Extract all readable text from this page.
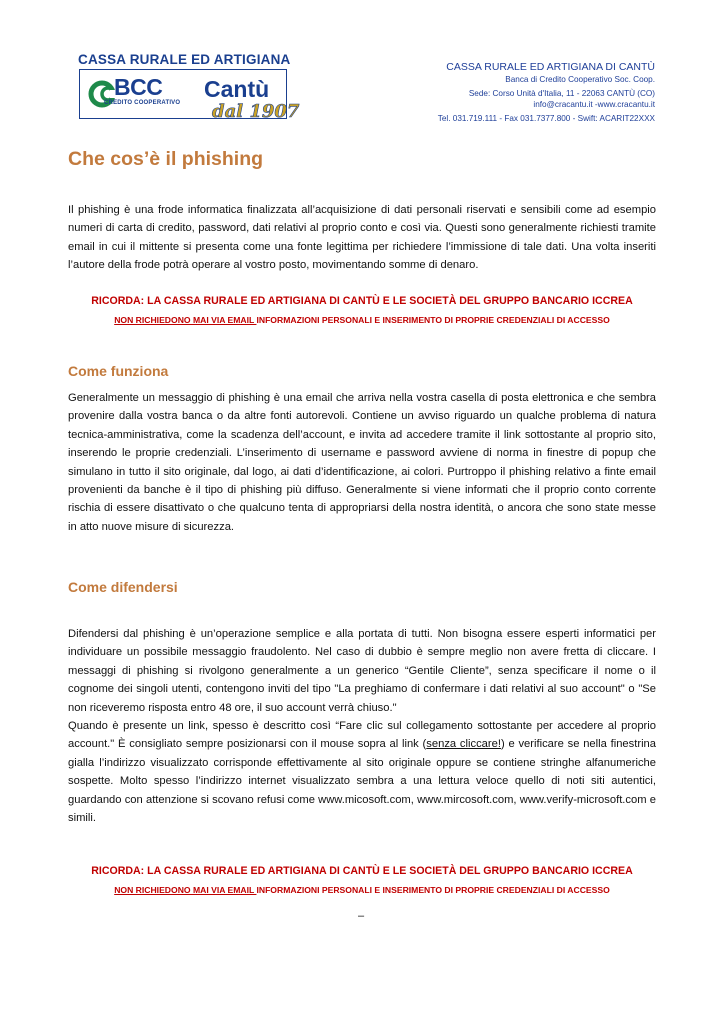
CASSA RURALE ED ARTIGIANA
BCC
CREDITO COOPERATIVO
Cantù
dal 1907
CASSA RURALE ED ARTIGIANA DI CANTÙ
Banca di Credito Cooperativo Soc. Coop.
Sede: Corso Unità d'Italia, 11 - 22063 CANTÙ (CO)
info@cracantu.it -www.cracantu.it
Tel. 031.719.111 - Fax 031.7377.800 - Swift: ACARIT22XXX
Che cos’è il phishing

Il phishing è una frode informatica finalizzata all’acquisizione di dati personali riservati e sensibili come ad esempio numeri di carta di credito, password, dati relativi al proprio conto e così via. Questi sono generalmente richiesti tramite email in cui il mittente si presenta come una fonte legittima per richiedere l’immissione di tale dati. Una volta inseriti l’autore della frode potrà operare al vostro posto, movimentando somme di denaro.

RICORDA: LA CASSA RURALE ED ARTIGIANA DI CANTÙ E LE SOCIETÀ DEL GRUPPO BANCARIO ICCREA
NON RICHIEDONO MAI VIA EMAIL INFORMAZIONI PERSONALI E INSERIMENTO DI PROPRIE CREDENZIALI DI ACCESSO
Come funziona

Generalmente un messaggio di phishing è una email che arriva nella vostra casella di posta elettronica e che sembra provenire dalla vostra banca o da altre fonti autorevoli. Contiene un avviso riguardo un qualche problema di natura tecnica-amministrativa, come la scadenza dell’account, e invita ad accedere tramite il link sottostante al proprio sito, inserendo le proprie credenziali. L’inserimento di username e password avviene di norma in finestre di popup che simulano in tutto il sito originale, dal logo, ai dati d’identificazione, ai colori. Purtroppo il phishing relativo a finte email provenienti da banche è il tipo di phishing più diffuso. Generalmente si viene informati che il proprio conto corrente rischia di essere disattivato o che qualcuno tenta di appropriarsi della nostra identità, o ancora che sono state messe in atto nuove misure di sicurezza.

Come difendersi

Difendersi dal phishing è un’operazione semplice e alla portata di tutti. Non bisogna essere esperti informatici per individuare un possibile messaggio fraudolento. Nel caso di dubbio è sempre meglio non avere fretta di cliccare. I messaggi di phishing si rivolgono generalmente a un generico “Gentile Cliente”, senza specificare il nome o il cognome dei singoli utenti, contengono inviti del tipo "La preghiamo di confermare i dati relativi al suo account" o "Se non riceveremo risposta entro 48 ore, il suo account verrà chiuso."

Quando è presente un link, spesso è descritto così “Fare clic sul collegamento sottostante per accedere al proprio account." È consigliato sempre posizionarsi con il mouse sopra al link (senza cliccare!) e verificare se nella finestrina gialla l’indirizzo visualizzato corrisponde effettivamente al sito originale oppure se contiene stringhe alfanumeriche sospette. Molto spesso l’indirizzo internet visualizzato sembra a una lettura veloce quello di noti siti autentici, guardando con attenzione si scovano refusi come www.micosoft.com, www.mircosoft.com, www.verify-microsoft.com e simili.

RICORDA: LA CASSA RURALE ED ARTIGIANA DI CANTÙ E LE SOCIETÀ DEL GRUPPO BANCARIO ICCREA
NON RICHIEDONO MAI VIA EMAIL INFORMAZIONI PERSONALI E INSERIMENTO DI PROPRIE CREDENZIALI DI ACCESSO
–
